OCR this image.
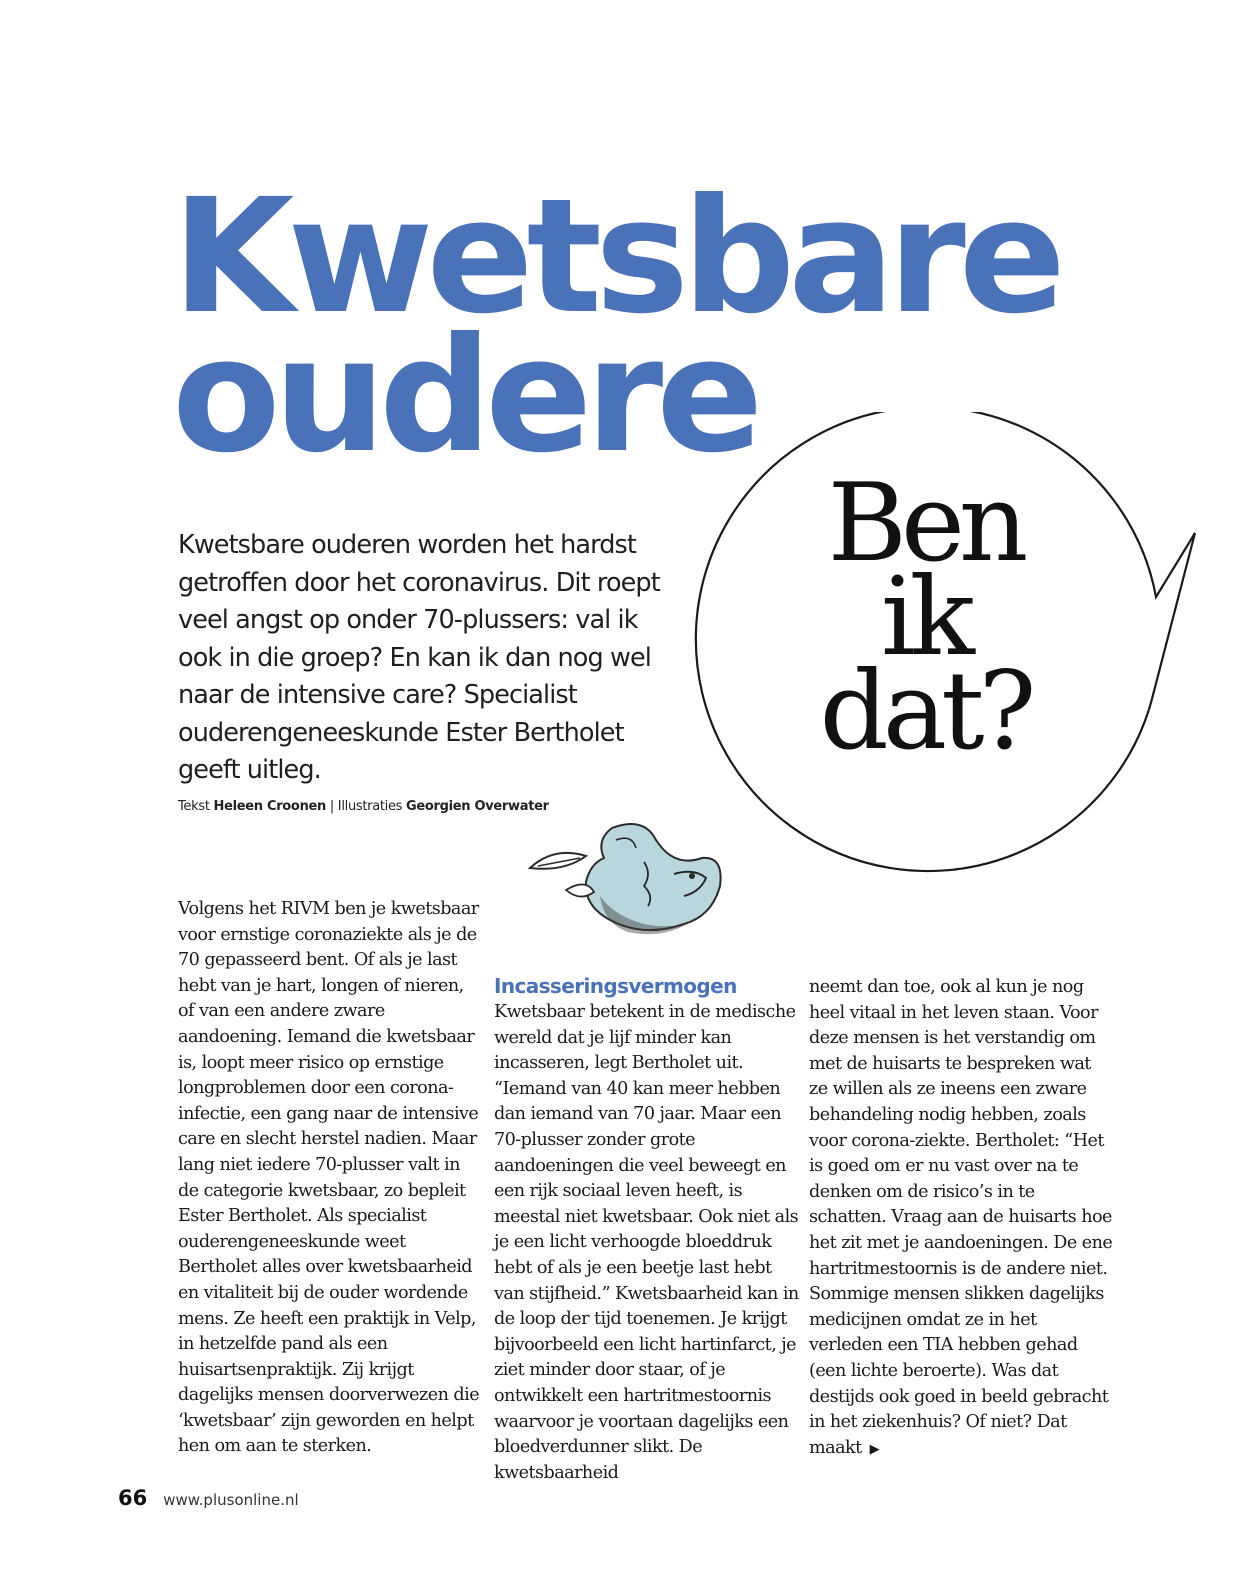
Kwetsbare
oudere
Ben
ik
dat?

Kwetsbare ouderen worden het hardst getroffen door het coronavirus. Dit roept veel angst op onder 70-plussers: val ik ook in die groep? En kan ik dan nog wel naar de intensive care? Specialist ouderengeneeskunde Ester Bertholet geeft uitleg.

Tekst Heleen Croonen | Illustraties Georgien Overwater

Volgens het RIVM ben je kwetsbaar voor ernstige coronaziekte als je de 70 gepasseerd bent. Of als je last hebt van je hart, longen of nieren, of van een andere zware aandoening. Iemand die kwetsbaar is, loopt meer risico op ernstige longproblemen door een corona-infectie, een gang naar de intensive care en slecht herstel nadien. Maar lang niet iedere 70-plusser valt in de categorie kwetsbaar, zo bepleit Ester Bertholet. Als specialist ouderengeneeskunde weet Bertholet alles over kwetsbaarheid en vitaliteit bij de ouder wordende mens. Ze heeft een praktijk in Velp, in hetzelfde pand als een huisartsenpraktijk. Zij krijgt dagelijks mensen doorverwezen die ‘kwetsbaar’ zijn geworden en helpt hen om aan te sterken.

Incasseringsvermogen

Kwetsbaar betekent in de medische wereld dat je lijf minder kan incasseren, legt Bertholet uit. “Iemand van 40 kan meer hebben dan iemand van 70 jaar. Maar een 70-plusser zonder grote aandoeningen die veel beweegt en een rijk sociaal leven heeft, is meestal niet kwetsbaar. Ook niet als je een licht verhoogde bloeddruk hebt of als je een beetje last hebt van stijfheid.” Kwetsbaarheid kan in de loop der tijd toenemen. Je krijgt bijvoorbeeld een licht hartinfarct, je ziet minder door staar, of je ontwikkelt een hartritmestoornis waarvoor je voortaan dagelijks een bloedverdunner slikt. De kwetsbaarheid

neemt dan toe, ook al kun je nog heel vitaal in het leven staan. Voor deze mensen is het verstandig om met de huisarts te bespreken wat ze willen als ze ineens een zware behandeling nodig hebben, zoals voor corona-ziekte. Bertholet: “Het is goed om er nu vast over na te denken om de risico’s in te schatten. Vraag aan de huisarts hoe het zit met je aandoeningen. De ene hartritmestoornis is de andere niet. Sommige mensen slikken dagelijks medicijnen omdat ze in het verleden een TIA hebben gehad (een lichte beroerte). Was dat destijds ook goed in beeld gebracht in het ziekenhuis? Of niet? Dat maakt ▶

66 www.plusonline.nl
